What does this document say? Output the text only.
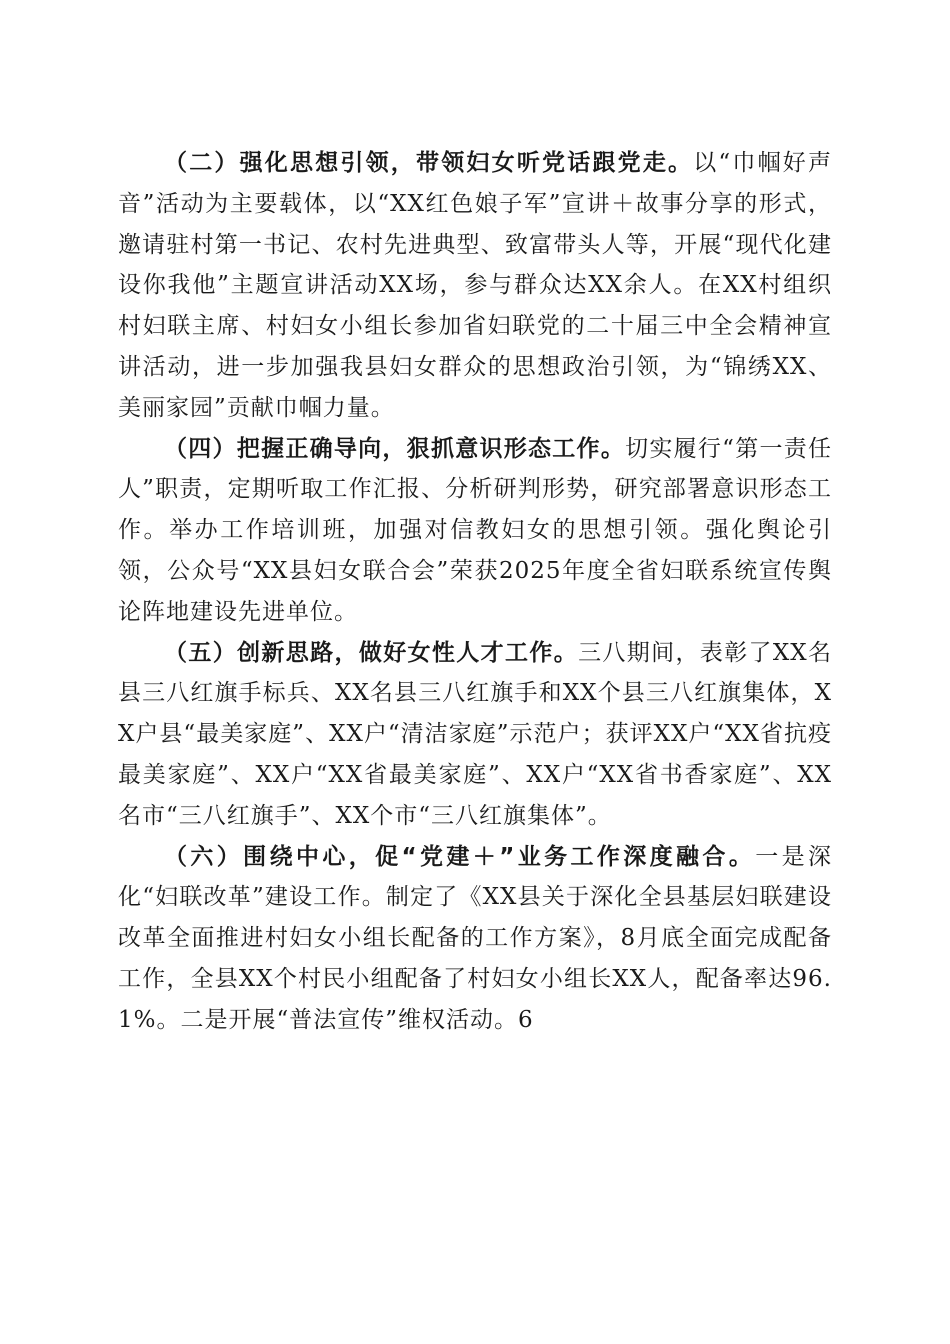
（二）强化思想引领，带领妇女听党话跟党走。以“巾帼好声音”活动为主要载体，以“XX红色娘子军”宣讲＋故事分享的形式，邀请驻村第一书记、农村先进典型、致富带头人等，开展“现代化建设你我他”主题宣讲活动XX场，参与群众达XX余人。在XX村组织村妇联主席、村妇女小组长参加省妇联党的二十届三中全会精神宣讲活动，进一步加强我县妇女群众的思想政治引领，为“锦绣XX、美丽家园”贡献巾帼力量。

（四）把握正确导向，狠抓意识形态工作。切实履行“第一责任人”职责，定期听取工作汇报、分析研判形势，研究部署意识形态工作。举办工作培训班，加强对信教妇女的思想引领。强化舆论引领，公众号“XX县妇女联合会”荣获2025年度全省妇联系统宣传舆论阵地建设先进单位。

（五）创新思路，做好女性人才工作。三八期间，表彰了XX名县三八红旗手标兵、XX名县三八红旗手和XX个县三八红旗集体，XX户县“最美家庭”、XX户“清洁家庭”示范户；获评XX户“XX省抗疫最美家庭”、XX户“XX省最美家庭”、XX户“XX省书香家庭”、XX名市“三八红旗手”、XX个市“三八红旗集体”。

（六）围绕中心，促“党建＋”业务工作深度融合。一是深化“妇联改革”建设工作。制定了《XX县关于深化全县基层妇联建设改革全面推进村妇女小组长配备的工作方案》，8月底全面完成配备工作，全县XX个村民小组配备了村妇女小组长XX人，配备率达96.1%。二是开展“普法宣传”维权活动。6
